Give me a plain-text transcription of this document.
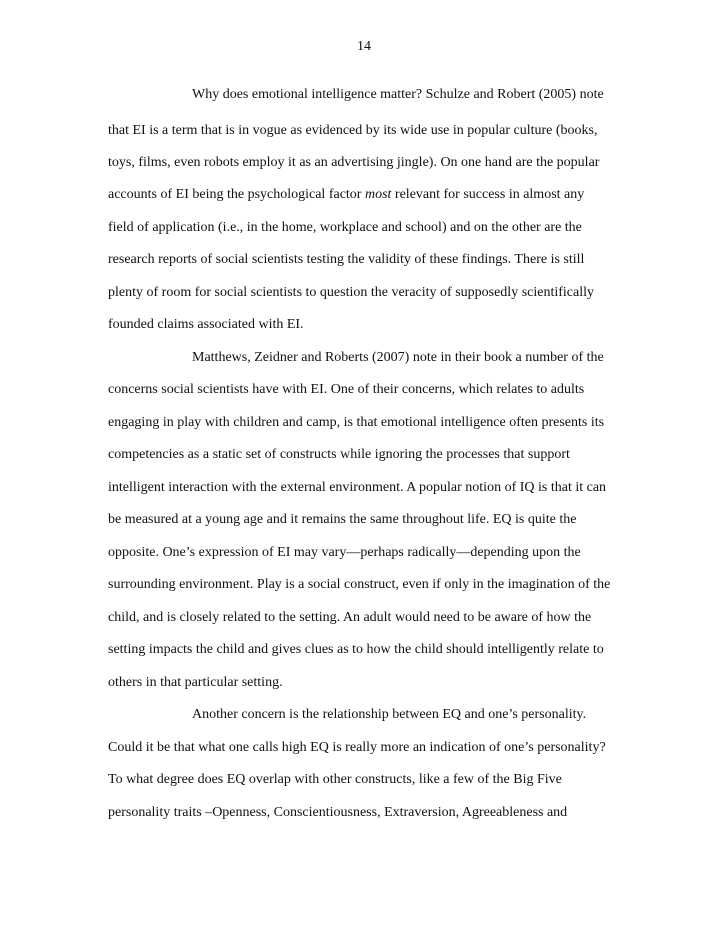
14
Why does emotional intelligence matter? Schulze and Robert (2005) note
that EI is a term that is in vogue as evidenced by its wide use in popular culture (books,
toys, films, even robots employ it as an advertising jingle). On one hand are the popular
accounts of EI being the psychological factor most relevant for success in almost any
field of application (i.e., in the home, workplace and school) and on the other are the
research reports of social scientists testing the validity of these findings. There is still
plenty of room for social scientists to question the veracity of supposedly scientifically
founded claims associated with EI.
Matthews, Zeidner and Roberts (2007) note in their book a number of the
concerns social scientists have with EI. One of their concerns, which relates to adults
engaging in play with children and camp, is that emotional intelligence often presents its
competencies as a static set of constructs while ignoring the processes that support
intelligent interaction with the external environment. A popular notion of IQ is that it can
be measured at a young age and it remains the same throughout life. EQ is quite the
opposite. One’s expression of EI may vary—perhaps radically—depending upon the
surrounding environment. Play is a social construct, even if only in the imagination of the
child, and is closely related to the setting. An adult would need to be aware of how the
setting impacts the child and gives clues as to how the child should intelligently relate to
others in that particular setting.
Another concern is the relationship between EQ and one’s personality.
Could it be that what one calls high EQ is really more an indication of one’s personality?
To what degree does EQ overlap with other constructs, like a few of the Big Five
personality traits –Openness, Conscientiousness, Extraversion, Agreeableness and
